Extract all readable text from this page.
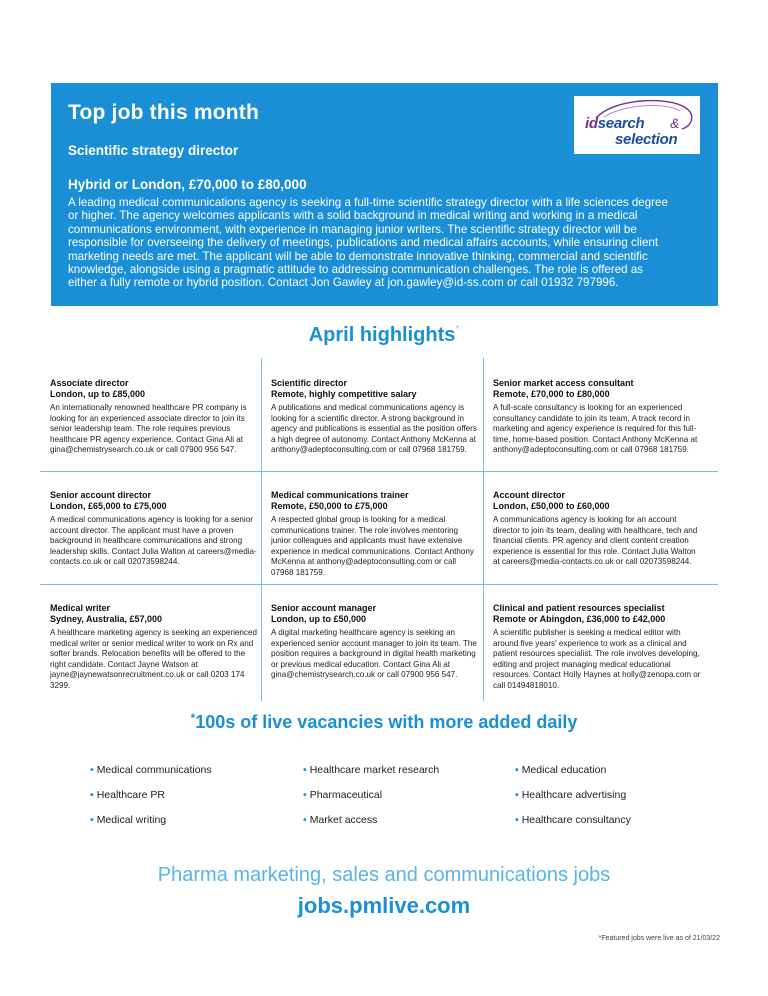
Top job this month
Scientific strategy director
Hybrid or London, £70,000 to £80,000
A leading medical communications agency is seeking a full-time scientific strategy director with a life sciences degree or higher. The agency welcomes applicants with a solid background in medical writing and working in a medical communications environment, with experience in managing junior writers. The scientific strategy director will be responsible for overseeing the delivery of meetings, publications and medical affairs accounts, while ensuring client marketing needs are met. The applicant will be able to demonstrate innovative thinking, commercial and scientific knowledge, alongside using a pragmatic attitude to addressing communication challenges. The role is offered as either a fully remote or hybrid position. Contact Jon Gawley at jon.gawley@id-ss.com or call 01932 797996.
idsearch &
selection
April highlights*
Associate director
London, up to £85,000
An internationally renowned healthcare PR company is looking for an experienced associate director to join its senior leadership team. The role requires previous healthcare PR agency experience. Contact Gina Ali at gina@chemistrysearch.co.uk or call 07900 956 547.
Scientific director
Remote, highly competitive salary
A publications and medical communications agency is looking for a scientific director. A strong background in agency and publications is essential as the position offers a high degree of autonomy. Contact Anthony McKenna at anthony@adeptoconsulting.com or call 07968 181759.
Senior market access consultant
Remote, £70,000 to £80,000
A full-scale consultancy is looking for an experienced consultancy candidate to join its team. A track record in marketing and agency experience is required for this full-time, home-based position. Contact Anthony McKenna at anthony@adeptoconsulting.com or call 07968 181759.
Senior account director
London, £65,000 to £75,000
A medical communications agency is looking for a senior account director. The applicant must have a proven background in healthcare communications and strong leadership skills. Contact Julia Walton at careers@media-contacts.co.uk or call 02073598244.
Medical communications trainer
Remote, £50,000 to £75,000
A respected global group is looking for a medical communications trainer. The role involves mentoring junior colleagues and applicants must have extensive experience in medical communications. Contact Anthony McKenna at anthony@adeptoconsulting.com or call 07968 181759.
Account director
London, £50,000 to £60,000
A communications agency is looking for an account director to join its team, dealing with healthcare, tech and financial clients. PR agency and client content creation experience is essential for this role. Contact Julia Walton at careers@media-contacts.co.uk or call 02073598244.
Medical writer
Sydney, Australia, £57,000
A healthcare marketing agency is seeking an experienced medical writer or senior medical writer to work on Rx and softer brands. Relocation benefits will be offered to the right candidate. Contact Jayne Watson at jayne@jaynewatsonrecruitment.co.uk or call 0203 174 3299.
Senior account manager
London, up to £50,000
A digital marketing healthcare agency is seeking an experienced senior account manager to join its team. The position requires a background in digital health marketing or previous medical education. Contact Gina Ali at gina@chemistrysearch.co.uk or call 07900 956 547.
Clinical and patient resources specialist
Remote or Abingdon, £36,000 to £42,000
A scientific publisher is seeking a medical editor with around five years' experience to work as a clinical and patient resources specialist. The role involves developing, editing and project managing medical educational resources. Contact Holly Haynes at holly@zenopa.com or call 01494818010.
*100s of live vacancies with more added daily
• Medical communications
• Healthcare PR
• Medical writing
• Healthcare market research
• Pharmaceutical
• Market access
• Medical education
• Healthcare advertising
• Healthcare consultancy
Pharma marketing, sales and communications jobs
jobs.pmlive.com
*Featured jobs were live as of 21/03/22
